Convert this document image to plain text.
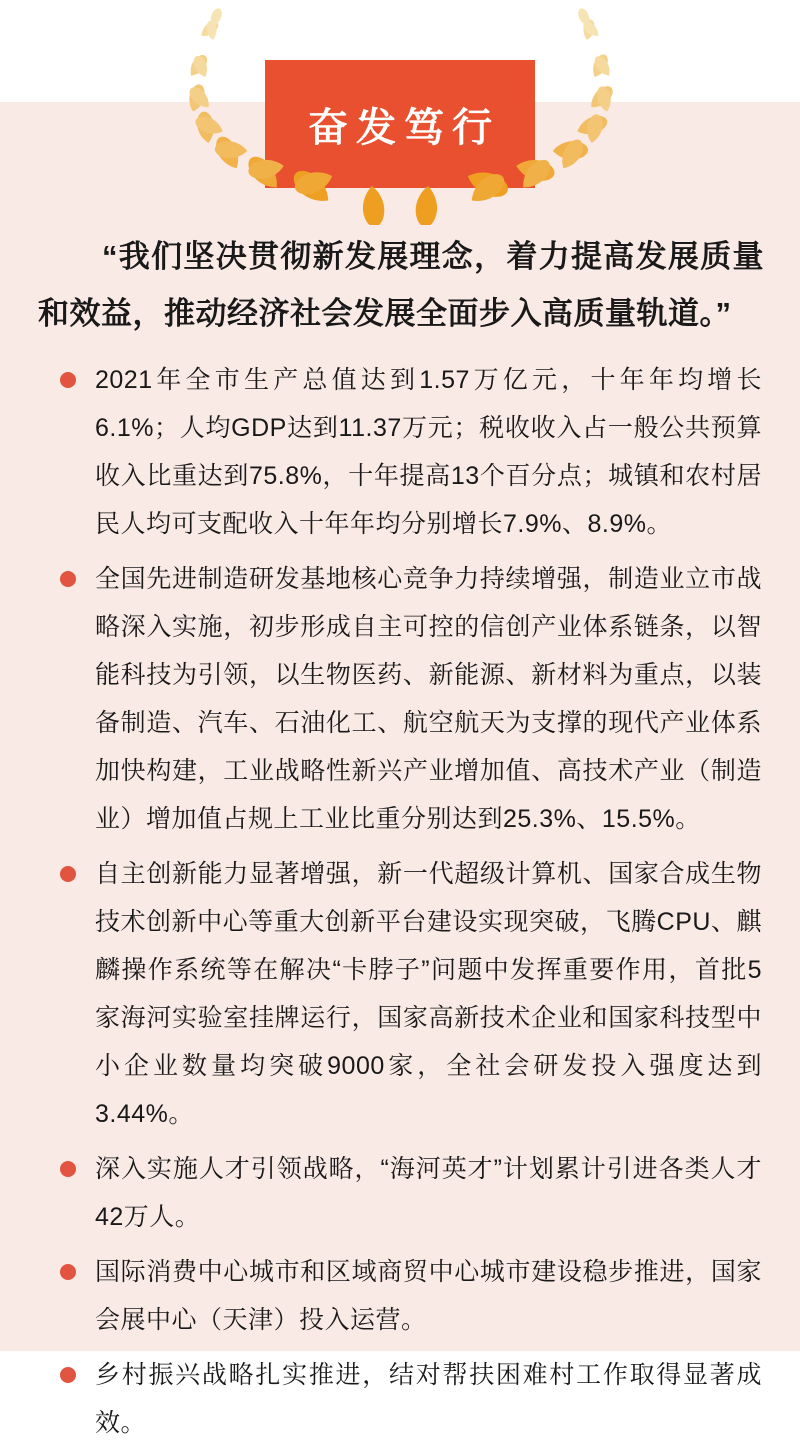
奋发笃行

“我们坚决贯彻新发展理念，着力提高发展质量和效益，推动经济社会发展全面步入高质量轨道。”

2021年全市生产总值达到1.57万亿元，十年年均增长6.1%；人均GDP达到11.37万元；税收收入占一般公共预算收入比重达到75.8%，十年提高13个百分点；城镇和农村居民人均可支配收入十年年均分别增长7.9%、8.9%。
全国先进制造研发基地核心竞争力持续增强，制造业立市战略深入实施，初步形成自主可控的信创产业体系链条，以智能科技为引领，以生物医药、新能源、新材料为重点，以装备制造、汽车、石油化工、航空航天为支撑的现代产业体系加快构建，工业战略性新兴产业增加值、高技术产业（制造业）增加值占规上工业比重分别达到25.3%、15.5%。
自主创新能力显著增强，新一代超级计算机、国家合成生物技术创新中心等重大创新平台建设实现突破，飞腾CPU、麒麟操作系统等在解决“卡脖子”问题中发挥重要作用，首批5家海河实验室挂牌运行，国家高新技术企业和国家科技型中小企业数量均突破9000家，全社会研发投入强度达到3.44%。
深入实施人才引领战略，“海河英才”计划累计引进各类人才42万人。
国际消费中心城市和区域商贸中心城市建设稳步推进，国家会展中心（天津）投入运营。
乡村振兴战略扎实推进，结对帮扶困难村工作取得显著成效。
